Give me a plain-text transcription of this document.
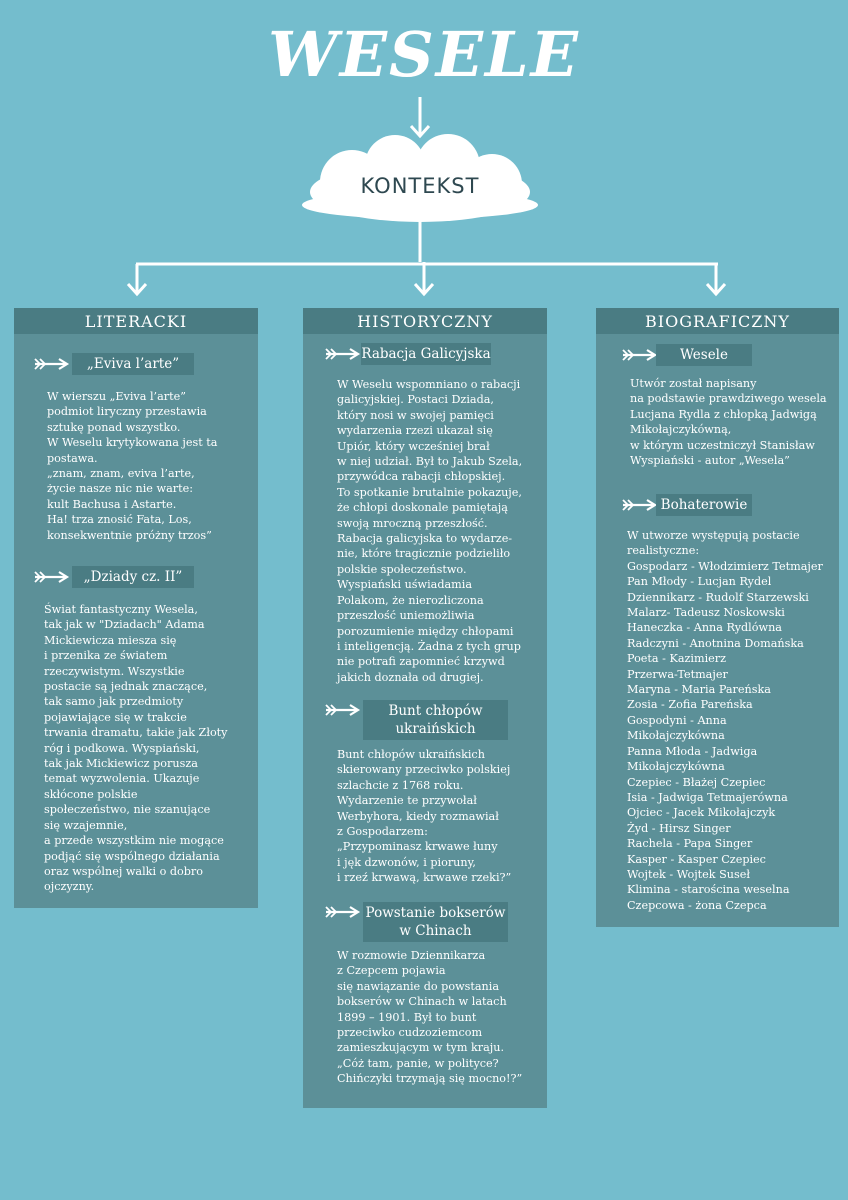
WESELE
KONTEKST
LITERACKI
„Eviva l’arte”
W wierszu „Eviva l’arte”
podmiot liryczny przestawia
sztukę ponad wszystko.
W Weselu krytykowana jest ta
postawa.
„znam, znam, eviva l’arte,
życie nasze nic nie warte:
kult Bachusa i Astarte.
Ha! trza znosić Fata, Los,
konsekwentnie próżny trzos”
„Dziady cz. II”
Świat fantastyczny Wesela,
tak jak w "Dziadach" Adama
Mickiewicza miesza się
i przenika ze światem
rzeczywistym. Wszystkie
postacie są jednak znaczące,
tak samo jak przedmioty
pojawiające się w trakcie
trwania dramatu, takie jak Złoty
róg i podkowa. Wyspiański,
tak jak Mickiewicz porusza
temat wyzwolenia. Ukazuje
skłócone polskie
społeczeństwo, nie szanujące
się wzajemnie,
a przede wszystkim nie mogące
podjąć się wspólnego działania
oraz wspólnej walki o dobro
ojczyzny.
HISTORYCZNY
Rabacja Galicyjska
W Weselu wspomniano o rabacji
galicyjskiej. Postaci Dziada,
który nosi w swojej pamięci
wydarzenia rzezi ukazał się
Upiór, który wcześniej brał
w niej udział. Był to Jakub Szela,
przywódca rabacji chłopskiej.
To spotkanie brutalnie pokazuje,
że chłopi doskonale pamiętają
swoją mroczną przeszłość.
Rabacja galicyjska to wydarze-
nie, które tragicznie podzieliło
polskie społeczeństwo.
Wyspiański uświadamia
Polakom, że nierozliczona
przeszłość uniemożliwia
porozumienie między chłopami
i inteligencją. Żadna z tych grup
nie potrafi zapomnieć krzywd
jakich doznała od drugiej.
Bunt chłopów ukraińskich
Bunt chłopów ukraińskich
skierowany przeciwko polskiej
szlachcie z 1768 roku.
Wydarzenie te przywołał
Werbyhora, kiedy rozmawiał
z Gospodarzem:
„Przypominasz krwawe łuny
i jęk dzwonów, i pioruny,
i rzeź krwawą, krwawe rzeki?”
Powstanie bokserów w Chinach
W rozmowie Dziennikarza
z Czepcem pojawia
się nawiązanie do powstania
bokserów w Chinach w latach
1899 – 1901. Był to bunt
przeciwko cudzoziemcom
zamieszkującym w tym kraju.
„Cóż tam, panie, w polityce?
Chińczyki trzymają się mocno!?”
BIOGRAFICZNY
Wesele
Utwór został napisany
na podstawie prawdziwego wesela
Lucjana Rydla z chłopką Jadwigą
Mikołajczykówną,
w którym uczestniczył Stanisław
Wyspiański - autor „Wesela”
Bohaterowie
W utworze występują postacie
realistyczne:
Gospodarz - Włodzimierz Tetmajer
Pan Młody - Lucjan Rydel
Dziennikarz - Rudolf Starzewski
Malarz- Tadeusz Noskowski
Haneczka - Anna Rydlówna
Radczyni - Anotnina Domańska
Poeta - Kazimierz
Przerwa-Tetmajer
Maryna - Maria Pareńska
Zosia - Zofia Pareńska
Gospodyni - Anna
Mikołajczykówna
Panna Młoda - Jadwiga
Mikołajczykówna
Czepiec - Błażej Czepiec
Isia - Jadwiga Tetmajerówna
Ojciec - Jacek Mikołajczyk
Żyd - Hirsz Singer
Rachela - Papa Singer
Kasper - Kasper Czepiec
Wojtek - Wojtek Suseł
Klimina - starościna weselna
Czepcowa - żona Czepca
